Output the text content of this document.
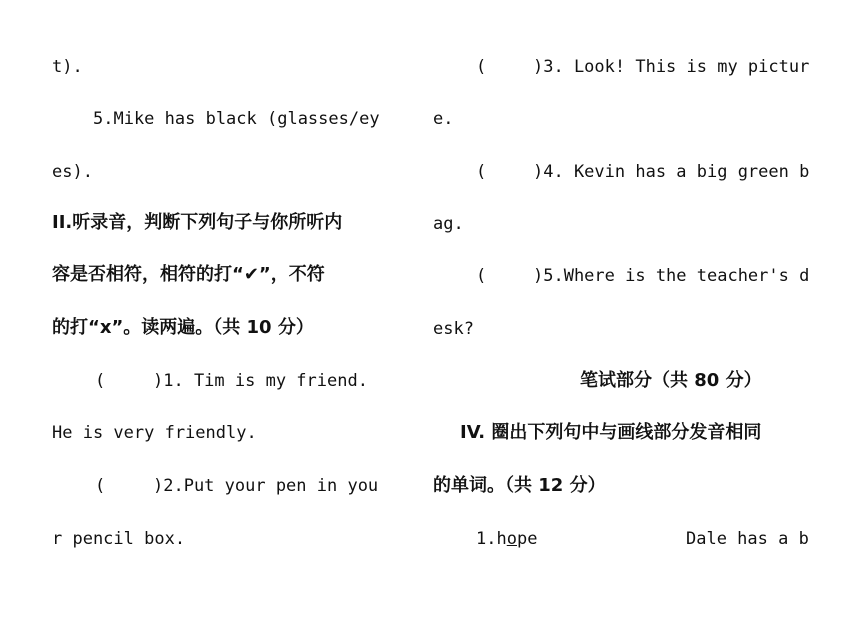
t).
5.Mike has black (glasses/ey
es).
II.听录音，判断下列句子与你所听内
容是否相符，相符的打“✔”，不符
的打“x”。读两遍。（共 10 分）
(	)1. Tim is my friend.
He is very friendly.
(	)2.Put your pen in you
r pencil box.
(	)3. Look! This is my pictur
e.
(	)4. Kevin has a big green b
ag.
(	)5.Where is the teacher's d
esk?
笔试部分（共 80 分）
IV. 圈出下列句中与画线部分发音相同
的单词。（共 12 分）
1.hope	Dale has a b
